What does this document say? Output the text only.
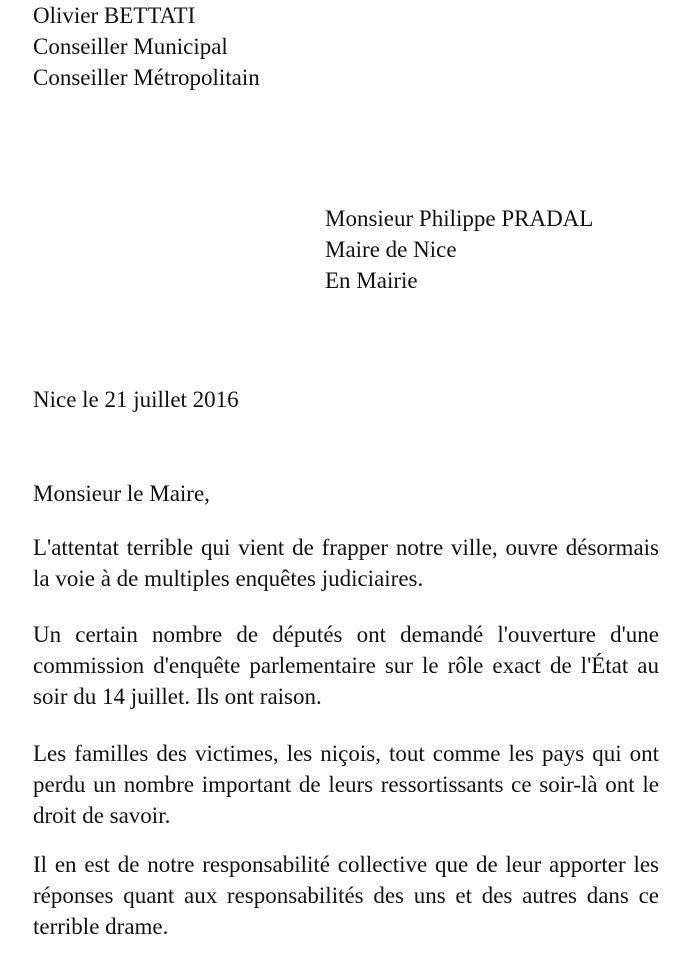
Olivier BETTATI
Conseiller Municipal
Conseiller Métropolitain
Monsieur Philippe PRADAL
Maire de Nice
En Mairie

Nice le 21 juillet 2016

Monsieur le Maire,

L'attentat terrible qui vient de frapper notre ville, ouvre désormais la voie à de multiples enquêtes judiciaires.

Un certain nombre de députés ont demandé l'ouverture d'une commission d'enquête parlementaire sur le rôle exact de l'État au soir du 14 juillet. Ils ont raison.

Les familles des victimes, les niçois, tout comme les pays qui ont perdu un nombre important de leurs ressortissants ce soir-là ont le droit de savoir.

Il en est de notre responsabilité collective que de leur apporter les réponses quant aux responsabilités des uns et des autres dans ce terrible drame.
